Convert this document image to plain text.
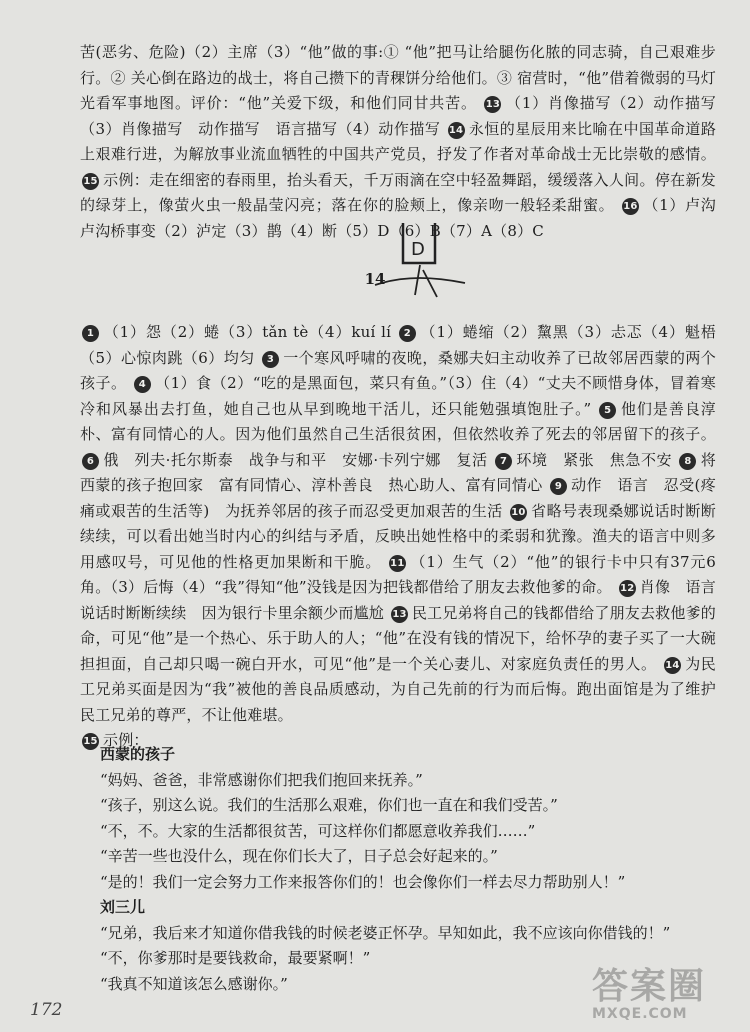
苦(恶劣、危险)（2）主席（3）“他”做的事:① “他”把马让给腿伤化脓的同志骑，自己艰难步行。② 关心倒在路边的战士，将自己攒下的青稞饼分给他们。③ 宿营时，“他”借着微弱的马灯光看军事地图。评价：“他”关爱下级，和他们同甘共苦。 13 （1）肖像描写（2）动作描写（3）肖像描写　动作描写　语言描写（4）动作描写 14 永恒的星辰用来比喻在中国革命道路上艰难行进，为解放事业流血牺牲的中国共产党员，抒发了作者对革命战士无比崇敬的感情。 15 示例：走在细密的春雨里，抬头看天，千万雨滴在空中轻盈舞蹈，缓缓落入人间。停在新发的绿芽上，像萤火虫一般晶莹闪亮；落在你的脸颊上，像亲吻一般轻柔甜蜜。 16 （1）卢沟　卢沟桥事变（2）泸定（3）鹊（4）断（5）D（6）B（7）A（8）C
D
14
1 （1）怨（2）蜷（3）tǎn tè（4）kuí lí 2 （1）蜷缩（2）黧黑（3）忐忑（4）魁梧（5）心惊肉跳（6）均匀 3 一个寒风呼啸的夜晚，桑娜夫妇主动收养了已故邻居西蒙的两个孩子。 4 （1）食（2）“吃的是黑面包，菜只有鱼。”（3）住（4）“丈夫不顾惜身体，冒着寒冷和风暴出去打鱼，她自己也从早到晚地干活儿，还只能勉强填饱肚子。” 5 他们是善良淳朴、富有同情心的人。因为他们虽然自己生活很贫困，但依然收养了死去的邻居留下的孩子。 6 俄　列夫·托尔斯泰　战争与和平　安娜·卡列宁娜　复活 7 环境　紧张　焦急不安 8 将西蒙的孩子抱回家　富有同情心、淳朴善良　热心助人、富有同情心 9 动作　语言　忍受(疼痛或艰苦的生活等)　为抚养邻居的孩子而忍受更加艰苦的生活 10 省略号表现桑娜说话时断断续续，可以看出她当时内心的纠结与矛盾，反映出她性格中的柔弱和犹豫。渔夫的语言中则多用感叹号，可见他的性格更加果断和干脆。 11 （1）生气（2）“他”的银行卡中只有37元6角。（3）后悔（4）“我”得知“他”没钱是因为把钱都借给了朋友去救他爹的命。 12 肖像　语言　说话时断断续续　因为银行卡里余额少而尴尬 13 民工兄弟将自己的钱都借给了朋友去救他爹的命，可见“他”是一个热心、乐于助人的人；“他”在没有钱的情况下，给怀孕的妻子买了一大碗担担面，自己却只喝一碗白开水，可见“他”是一个关心妻儿、对家庭负责任的男人。 14 为民工兄弟买面是因为“我”被他的善良品质感动，为自己先前的行为而后悔。跑出面馆是为了维护民工兄弟的尊严，不让他难堪。
15 示例：
西蒙的孩子
“妈妈、爸爸，非常感谢你们把我们抱回来抚养。”
“孩子，别这么说。我们的生活那么艰难，你们也一直在和我们受苦。”
“不，不。大家的生活都很贫苦，可这样你们都愿意收养我们……”
“辛苦一些也没什么，现在你们长大了，日子总会好起来的。”
“是的！我们一定会努力工作来报答你们的！也会像你们一样去尽力帮助别人！”
刘三儿
“兄弟，我后来才知道你借我钱的时候老婆正怀孕。早知如此，我不应该向你借钱的！”
“不，你爹那时是要钱救命，最要紧啊！”
“我真不知道该怎么感谢你。”
172
答案圈
MXQE.COM
